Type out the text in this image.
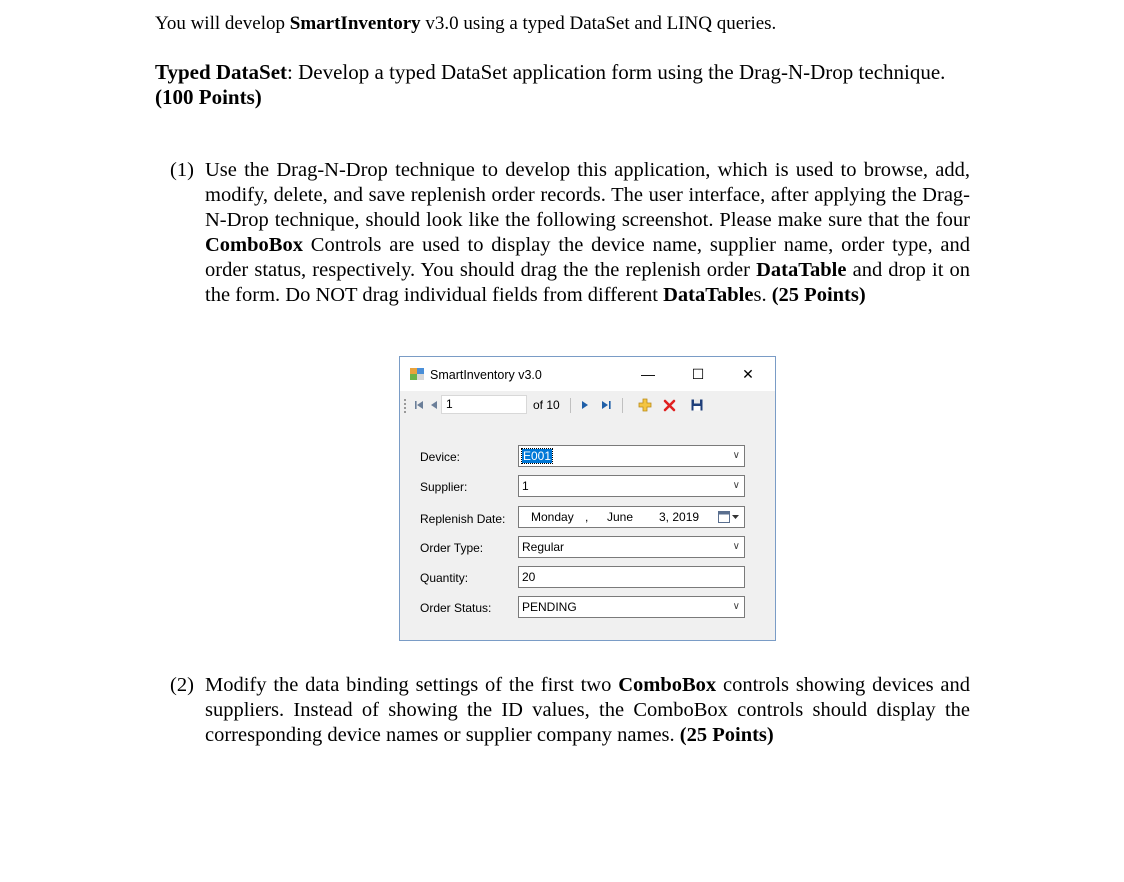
You will develop SmartInventory v3.0 using a typed DataSet and LINQ queries.
Typed DataSet: Develop a typed DataSet application form using the Drag-N-Drop technique. (100 Points)
(1) Use the Drag-N-Drop technique to develop this application, which is used to browse, add, modify, delete, and save replenish order records. The user interface, after applying the Drag-N-Drop technique, should look like the following screenshot. Please make sure that the four ComboBox Controls are used to display the device name, supplier name, order type, and order status, respectively. You should drag the the replenish order DataTable and drop it on the form. Do NOT drag individual fields from different DataTables. (25 Points)
SmartInventory v3.0	—	☐	✕
1	of 10
Device:	E001	∨
Supplier:	1	∨
Replenish Date: Monday , June 3, 2019
Order Type:	Regular	∨
Quantity:	20
Order Status:	PENDING	∨
(2) Modify the data binding settings of the first two ComboBox controls showing devices and suppliers. Instead of showing the ID values, the ComboBox controls should display the corresponding device names or supplier company names. (25 Points)
